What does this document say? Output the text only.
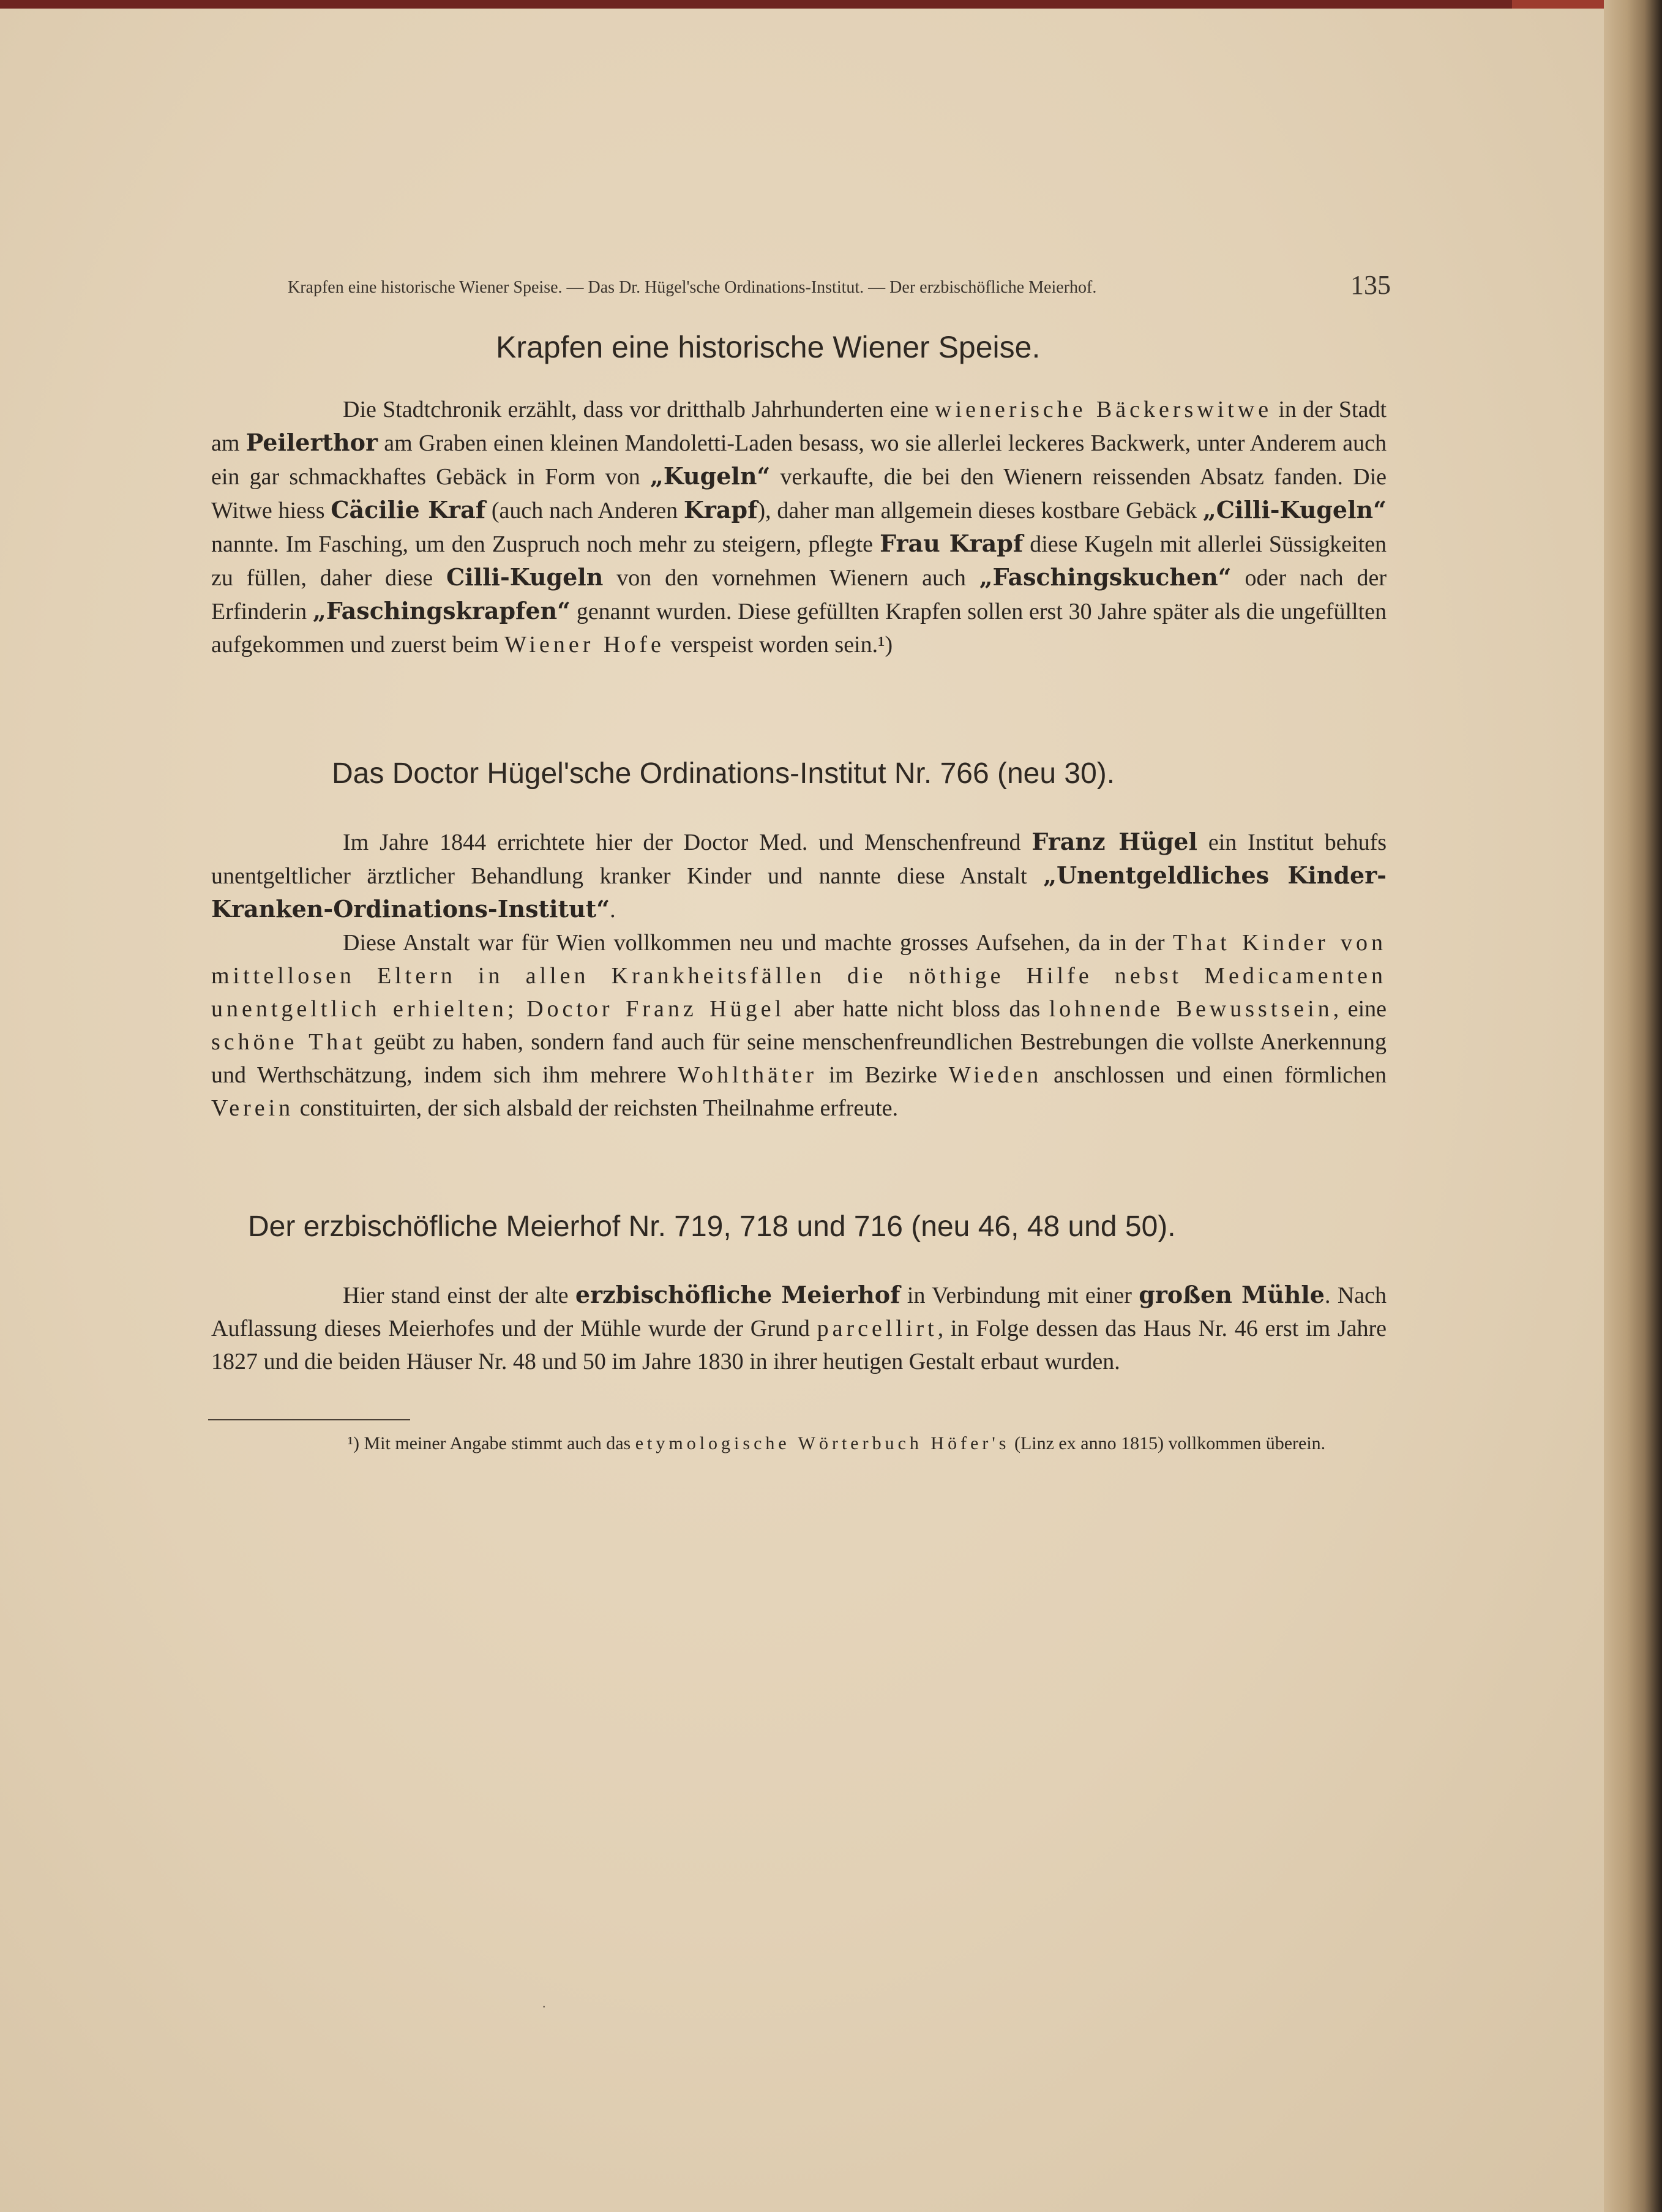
Krapfen eine historische Wiener Speise. — Das Dr. Hügel'sche Ordinations-Institut. — Der erzbischöfliche Meierhof.	135
Krapfen eine historische Wiener Speise.

Die Stadtchronik erzählt, dass vor dritthalb Jahrhunderten eine wienerische Bäckerswitwe in der Stadt am Peilerthor am Graben einen kleinen Mandoletti-Laden besass, wo sie allerlei leckeres Backwerk, unter Anderem auch ein gar schmackhaftes Gebäck in Form von „Kugeln“ verkaufte, die bei den Wienern reissenden Absatz fanden. Die Witwe hiess Cäcilie Kraf (auch nach Anderen Krapf), daher man allgemein dieses kostbare Gebäck „Cilli-Kugeln“ nannte. Im Fasching, um den Zuspruch noch mehr zu steigern, pflegte Frau Krapf diese Kugeln mit allerlei Süssigkeiten zu füllen, daher diese Cilli-Kugeln von den vornehmen Wienern auch „Faschingskuchen“ oder nach der Erfinderin „Faschingskrapfen“ genannt wurden. Diese gefüllten Krapfen sollen erst 30 Jahre später als die ungefüllten aufgekommen und zuerst beim Wiener Hofe verspeist worden sein.¹)

Das Doctor Hügel'sche Ordinations-Institut Nr. 766 (neu 30).

Im Jahre 1844 errichtete hier der Doctor Med. und Menschenfreund Franz Hügel ein Institut behufs unentgeltlicher ärztlicher Behandlung kranker Kinder und nannte diese Anstalt „Unentgeldliches Kinder-Kranken-Ordinations-Institut“.

Diese Anstalt war für Wien vollkommen neu und machte grosses Aufsehen, da in der That Kinder von mittellosen Eltern in allen Krankheitsfällen die nöthige Hilfe nebst Medicamenten unentgeltlich erhielten; Doctor Franz Hügel aber hatte nicht bloss das lohnende Bewusstsein, eine schöne That geübt zu haben, sondern fand auch für seine menschenfreundlichen Bestrebungen die vollste Anerkennung und Werthschätzung, indem sich ihm mehrere Wohlthäter im Bezirke Wieden anschlossen und einen förmlichen Verein constituirten, der sich alsbald der reichsten Theilnahme erfreute.

Der erzbischöfliche Meierhof Nr. 719, 718 und 716 (neu 46, 48 und 50).

Hier stand einst der alte erzbischöfliche Meierhof in Verbindung mit einer großen Mühle. Nach Auflassung dieses Meierhofes und der Mühle wurde der Grund parcellirt, in Folge dessen das Haus Nr. 46 erst im Jahre 1827 und die beiden Häuser Nr. 48 und 50 im Jahre 1830 in ihrer heutigen Gestalt erbaut wurden.

¹) Mit meiner Angabe stimmt auch das etymologische Wörterbuch Höfer's (Linz ex anno 1815) vollkommen überein.

·
